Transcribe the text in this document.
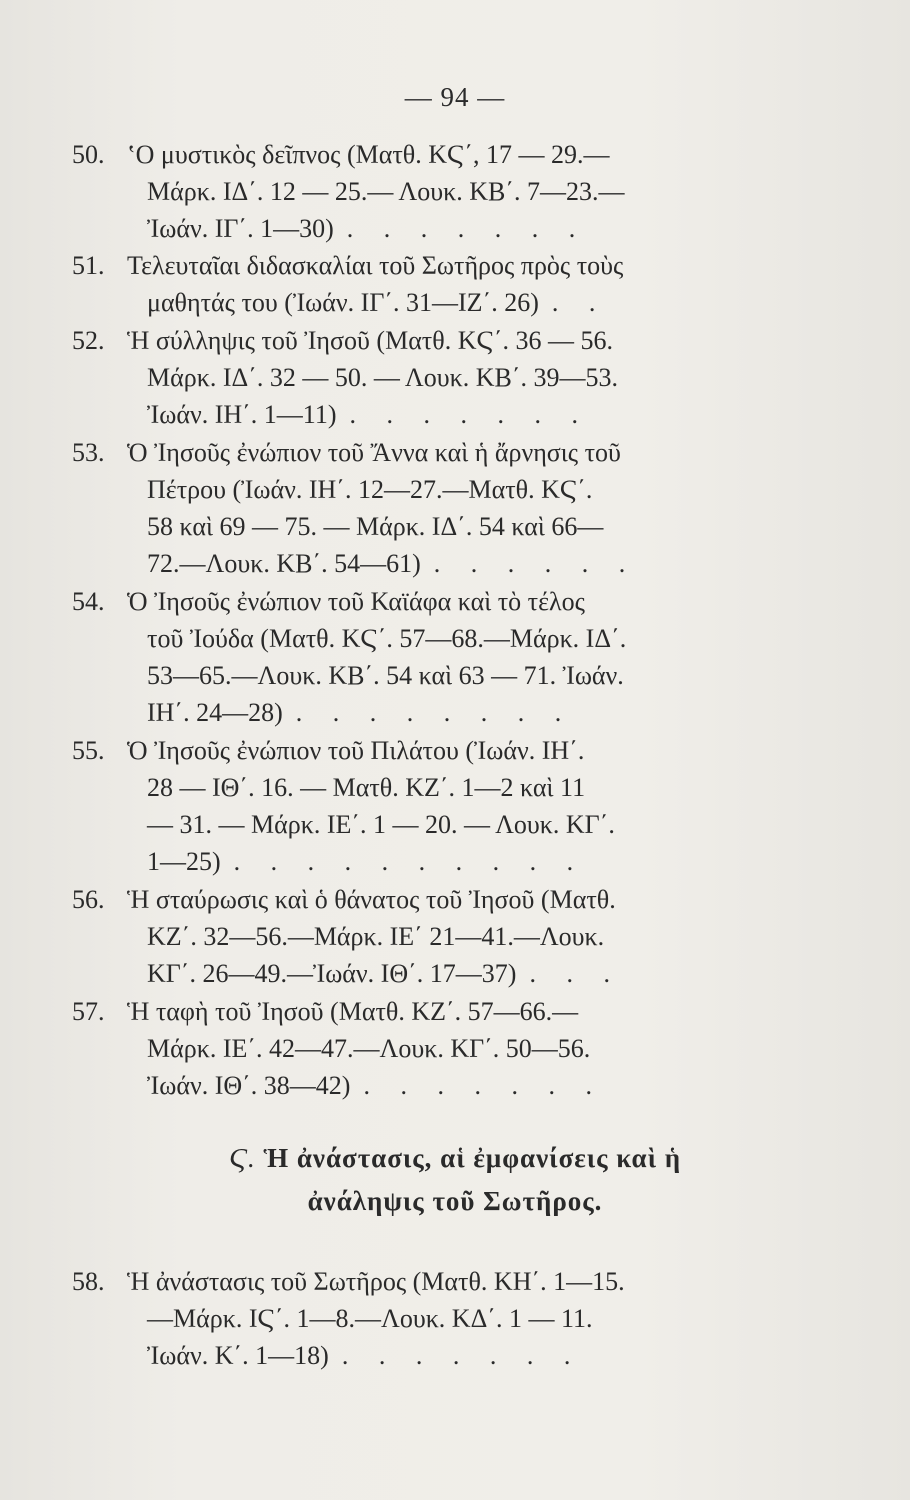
— 94 —
50. ʽΟ μυστικὸς δεῖπνος (Ματθ. ΚϚ΄, 17 — 29.—
Μάρκ. ΙΔ΄. 12 — 25.— Λουκ. ΚΒ΄. 7—23.—
Ἰωάν. ΙΓ΄. 1—30) . . . . . . .
51. Τελευταῖαι διδασκαλίαι τοῦ Σωτῆρος πρὸς τοὺς
μαθητάς του (Ἰωάν. ΙΓ΄. 31—ΙΖ΄. 26) . .
52. Ἡ σύλληψις τοῦ Ἰησοῦ (Ματθ. ΚϚ΄. 36 — 56.
Μάρκ. ΙΔ΄. 32 — 50. — Λουκ. ΚΒ΄. 39—53.
Ἰωάν. ΙΗ΄. 1—11) . . . . . . .
53. Ὁ Ἰησοῦς ἐνώπιον τοῦ Ἄννα καὶ ἡ ἄρνησις τοῦ
Πέτρου (Ἰωάν. ΙΗ΄. 12—27.—Ματθ. ΚϚ΄.
58 καὶ 69 — 75. — Μάρκ. ΙΔ΄. 54 καὶ 66—
72.—Λουκ. ΚΒ΄. 54—61) . . . . . .
54. Ὁ Ἰησοῦς ἐνώπιον τοῦ Καϊάφα καὶ τὸ τέλος
τοῦ Ἰούδα (Ματθ. ΚϚ΄. 57—68.—Μάρκ. ΙΔ΄.
53—65.—Λουκ. ΚΒ΄. 54 καὶ 63 — 71. Ἰωάν.
ΙΗ΄. 24—28) . . . . . . . .
55. Ὁ Ἰησοῦς ἐνώπιον τοῦ Πιλάτου (Ἰωάν. ΙΗ΄.
28 — ΙΘ΄. 16. — Ματθ. ΚΖ΄. 1—2 καὶ 11
— 31. — Μάρκ. ΙΕ΄. 1 — 20. — Λουκ. ΚΓ΄.
1—25) . . . . . . . . . .
56. Ἡ σταύρωσις καὶ ὁ θάνατος τοῦ Ἰησοῦ (Ματθ.
ΚΖ΄. 32—56.—Μάρκ. ΙΕ΄ 21—41.—Λουκ.
ΚΓ΄. 26—49.—Ἰωάν. ΙΘ΄. 17—37) . . .
57. Ἡ ταφὴ τοῦ Ἰησοῦ (Ματθ. ΚΖ΄. 57—66.—
Μάρκ. ΙΕ΄. 42—47.—Λουκ. ΚΓ΄. 50—56.
Ἰωάν. ΙΘ΄. 38—42) . . . . . . .
Ϛ. Ἡ ἀνάστασις, αἱ ἐμφανίσεις καὶ ἡ
ἀνάληψις τοῦ Σωτῆρος.
58. Ἡ ἀνάστασις τοῦ Σωτῆρος (Ματθ. ΚΗ΄. 1—15.
—Μάρκ. ΙϚ΄. 1—8.—Λουκ. ΚΔ΄. 1 — 11.
Ἰωάν. Κ΄. 1—18) . . . . . . .
